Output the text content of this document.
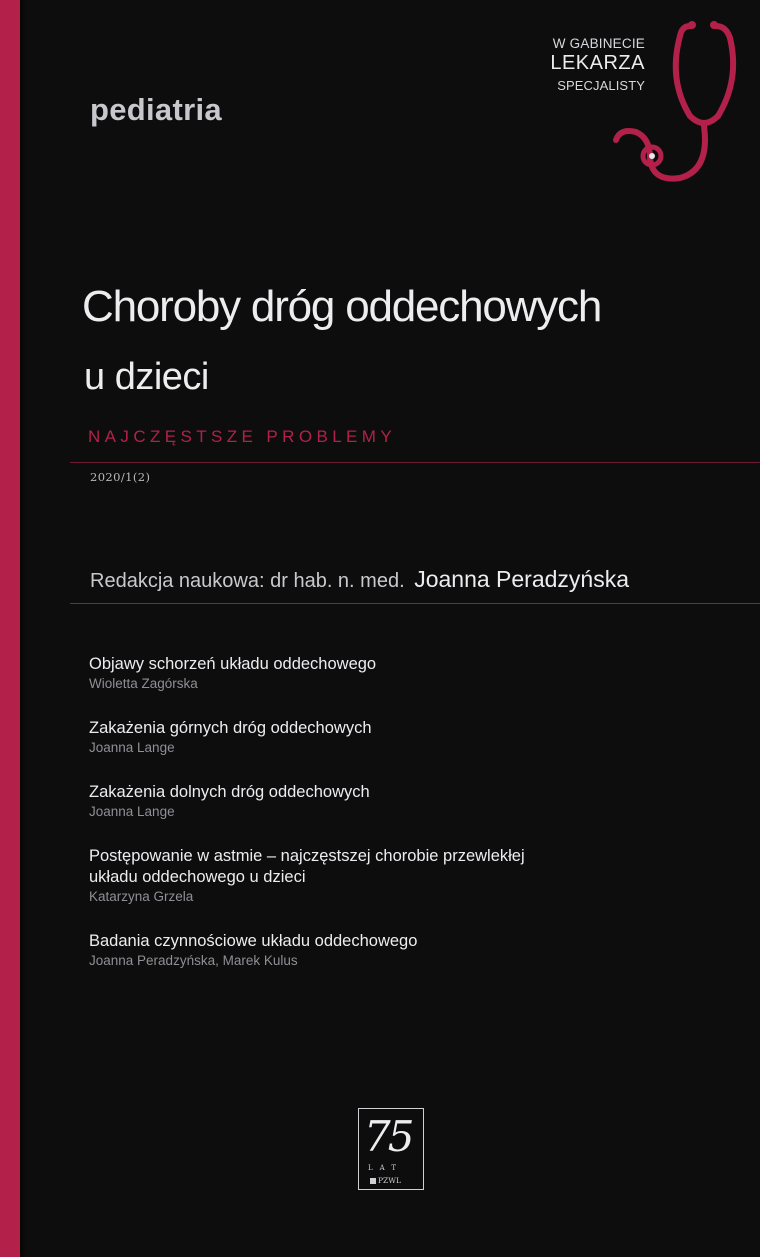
pediatria
W GABINECIE
LEKARZA
SPECJALISTY
Choroby dróg oddechowych
u dzieci
NAJCZĘSTSZE PROBLEMY
2020/1(2)
Redakcja naukowa: dr hab. n. med. Joanna Peradzyńska
Objawy schorzeń układu oddechowego
Wioletta Zagórska
Zakażenia górnych dróg oddechowych
Joanna Lange
Zakażenia dolnych dróg oddechowych
Joanna Lange
Postępowanie w astmie – najczęstszej chorobie przewlekłej układu oddechowego u dzieci
Katarzyna Grzela
Badania czynnościowe układu oddechowego
Joanna Peradzyńska, Marek Kulus
75
LAT
PZWL
